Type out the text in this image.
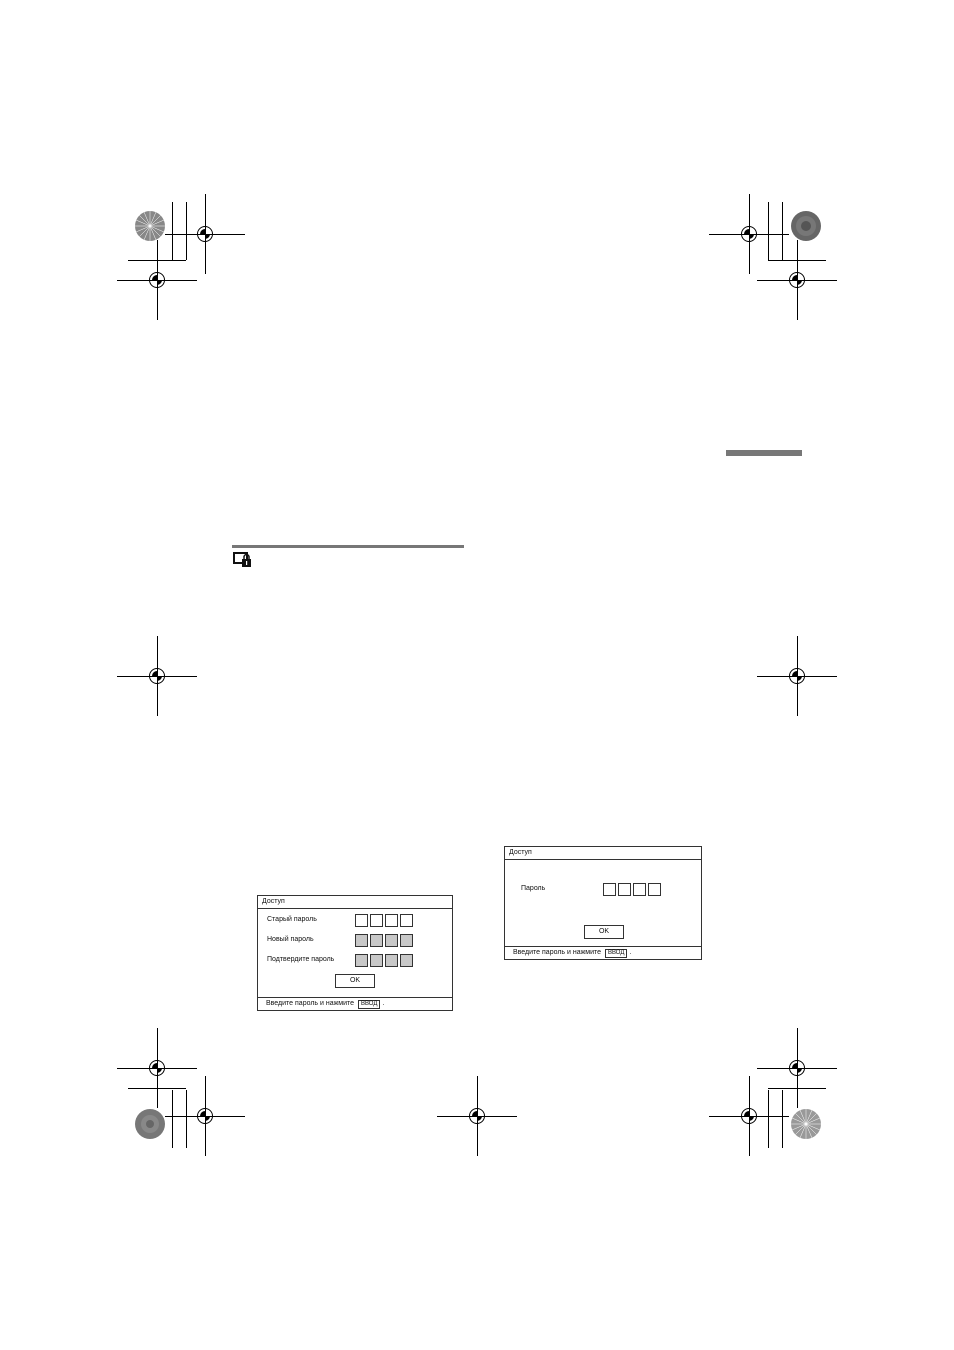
Доступ
Старый пароль
Новый пароль
Подтвердите пароль
OK
Введите пароль и нажмите ВВОД .
Доступ
Пароль
OK
Введите пароль и нажмите ВВОД .
